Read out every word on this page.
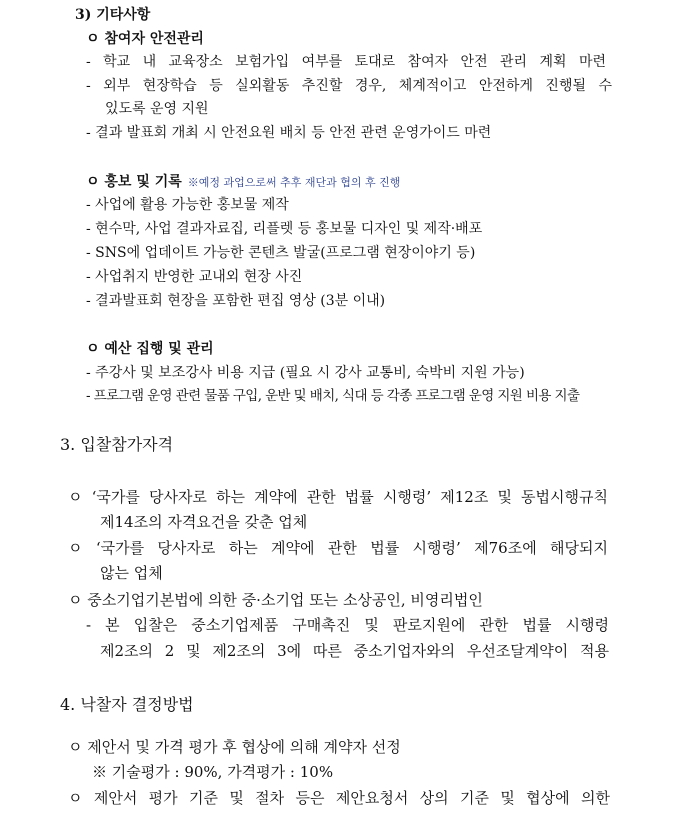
3) 기타사항
ㅇ 참여자 안전관리
- 학교 내 교육장소 보험가입 여부를 토대로 참여자 안전 관리 계획 마련
- 외부 현장학습 등 실외활동 추진할 경우, 체계적이고 안전하게 진행될 수
있도록 운영 지원
- 결과 발표회 개최 시 안전요원 배치 등 안전 관련 운영가이드 마련
ㅇ 홍보 및 기록 ※예정 과업으로써 추후 재단과 협의 후 진행
- 사업에 활용 가능한 홍보물 제작
- 현수막, 사업 결과자료집, 리플렛 등 홍보물 디자인 및 제작·배포
- SNS에 업데이트 가능한 콘텐츠 발굴(프로그램 현장이야기 등)
- 사업취지 반영한 교내외 현장 사진
- 결과발표회 현장을 포함한 편집 영상 (3분 이내)
ㅇ 예산 집행 및 관리
- 주강사 및 보조강사 비용 지급 (필요 시 강사 교통비, 숙박비 지원 가능)
- 프로그램 운영 관련 물품 구입, 운반 및 배치, 식대 등 각종 프로그램 운영 지원 비용 지출
3. 입찰참가자격
ㅇ ‘국가를 당사자로 하는 계약에 관한 법률 시행령’ 제12조 및 동법시행규칙
제14조의 자격요건을 갖춘 업체
ㅇ ‘국가를 당사자로 하는 계약에 관한 법률 시행령’ 제76조에 해당되지
않는 업체
ㅇ 중소기업기본법에 의한 중·소기업 또는 소상공인, 비영리법인
- 본 입찰은 중소기업제품 구매촉진 및 판로지원에 관한 법률 시행령
제2조의 2 및 제2조의 3에 따른 중소기업자와의 우선조달계약이 적용
4. 낙찰자 결정방법
ㅇ 제안서 및 가격 평가 후 협상에 의해 계약자 선정
※ 기술평가 : 90%, 가격평가 : 10%
ㅇ 제안서 평가 기준 및 절차 등은 제안요청서 상의 기준 및 협상에 의한
